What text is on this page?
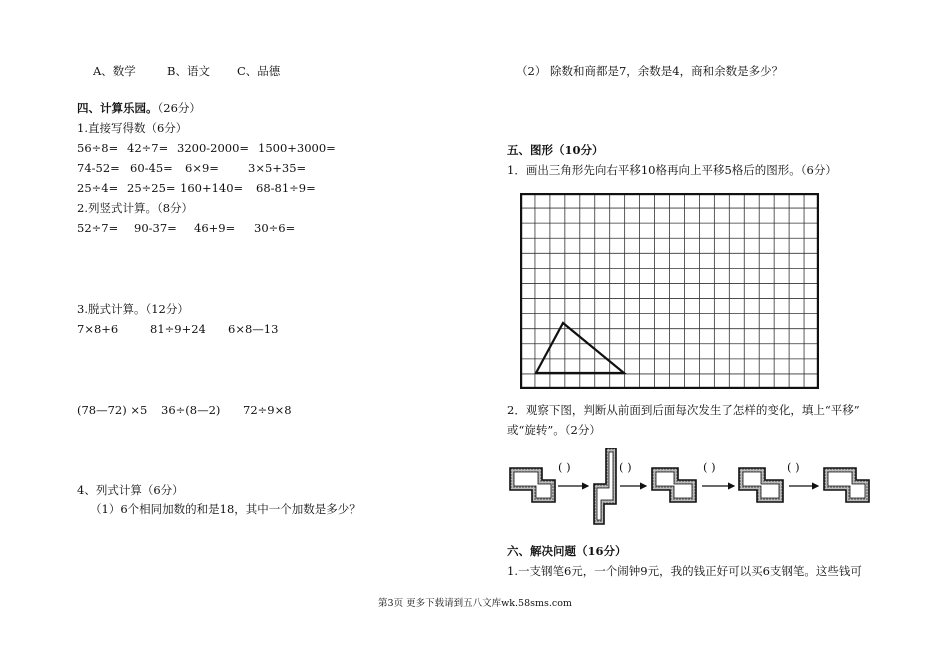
A、数学	B、语文 C、品德
四、计算乐园。（26分）
1.直接写得数（6分）
56÷8= 42÷7= 3200-2000= 1500+3000=
74-52= 60-45= 6×9=	3×5+35=
25÷4= 25÷25= 160+140= 68-81÷9=
2.列竖式计算。（8分）
52÷7= 90-37= 46+9= 30÷6=
3.脱式计算。（12分）
7×8+6	81÷9+24 6×8—13
(78—72) ×5 36÷(8—2) 72÷9×8
4、列式计算（6分）
（1）6个相同加数的和是18，其中一个加数是多少？
（2） 除数和商都是7，余数是4，商和余数是多少？
五、图形（10分）
1．画出三角形先向右平移10格再向上平移5格后的图形。（6分）
2．观察下图，判断从前面到后面每次发生了怎样的变化，填上“平移”
或“旋转”。（2分）
( )	( )	( )	( )
六、解决问题（16分）
1.一支钢笔6元，一个闹钟9元，我的钱正好可以买6支钢笔。这些钱可
第3页 更多下载请到五八文库wk.58sms.com
